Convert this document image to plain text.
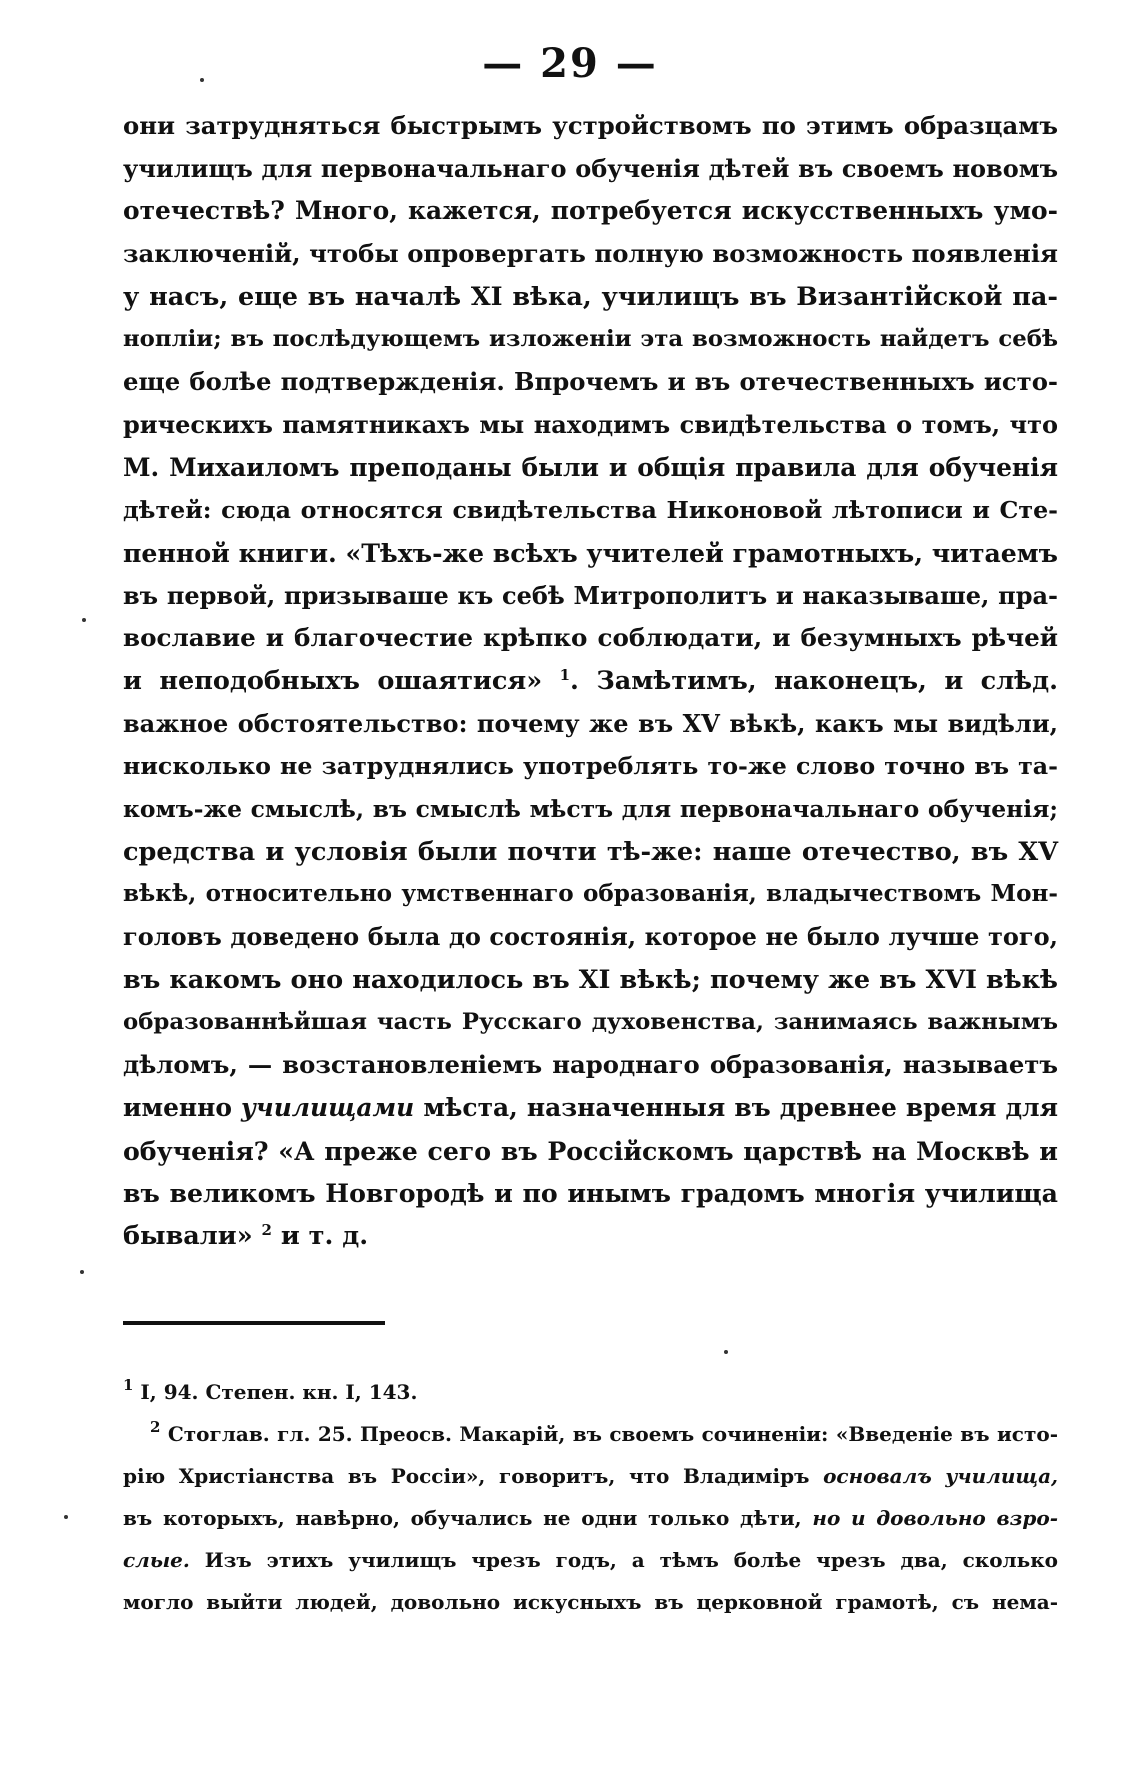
— 29 —
они затрудняться быстрымъ устройствомъ по этимъ образцамъ
училищъ для первоначальнаго обученія дѣтей въ своемъ новомъ
отечествѣ? Много, кажется, потребуется искусственныхъ умо-
заключеній, чтобы опровергать полную возможность появленія
у насъ, еще въ началѣ XI вѣка, училищъ въ Византійской па-
нопліи; въ послѣдующемъ изложеніи эта возможность найдетъ себѣ
еще болѣе подтвержденія. Впрочемъ и въ отечественныхъ исто-
рическихъ памятникахъ мы находимъ свидѣтельства о томъ, что
М. Михаиломъ преподаны были и общія правила для обученія
дѣтей: сюда относятся свидѣтельства Никоновой лѣтописи и Сте-
пенной книги. «Тѣхъ-же всѣхъ учителей грамотныхъ, читаемъ
въ первой, призываше къ себѣ Митрополитъ и наказываше, пра-
вославие и благочестие крѣпко соблюдати, и безумныхъ рѣчей
и неподобныхъ ошаятися» $^1$. Замѣтимъ, наконецъ, и слѣд.
важное обстоятельство: почему же въ XV вѣкѣ, какъ мы видѣли,
нисколько не затруднялись употреблять то-же слово точно въ та-
комъ-же смыслѣ, въ смыслѣ мѣстъ для первоначальнаго обученія;
средства и условія были почти тѣ-же: наше отечество, въ XV
вѣкѣ, относительно умственнаго образованія, владычествомъ Мон-
головъ доведено была до состоянія, которое не было лучше того,
въ какомъ оно находилось въ XI вѣкѣ; почему же въ XVI вѣкѣ
образованнѣйшая часть Русскаго духовенства, занимаясь важнымъ
дѣломъ, — возстановленіемъ народнаго образованія, называетъ
именно училищами мѣста, назначенныя въ древнее время для
обученія? «А преже сего въ Россійскомъ царствѣ на Москвѣ и
въ великомъ Новгородѣ и по инымъ градомъ многія училища
бывали» $^2$ и т. д.
$^1$ I, 94. Степен. кн. I, 143.
$^2$ Стоглав. гл. 25. Преосв. Макарій, въ своемъ сочиненіи: «Введеніе въ исто-
рію Христіанства въ Россіи», говоритъ, что Владиміръ основалъ училища,
въ которыхъ, навѣрно, обучались не одни только дѣти, но и довольно взро-
слые. Изъ этихъ училищъ чрезъ годъ, а тѣмъ болѣе чрезъ два, сколько
могло выйти людей, довольно искусныхъ въ церковной грамотѣ, съ нема-
